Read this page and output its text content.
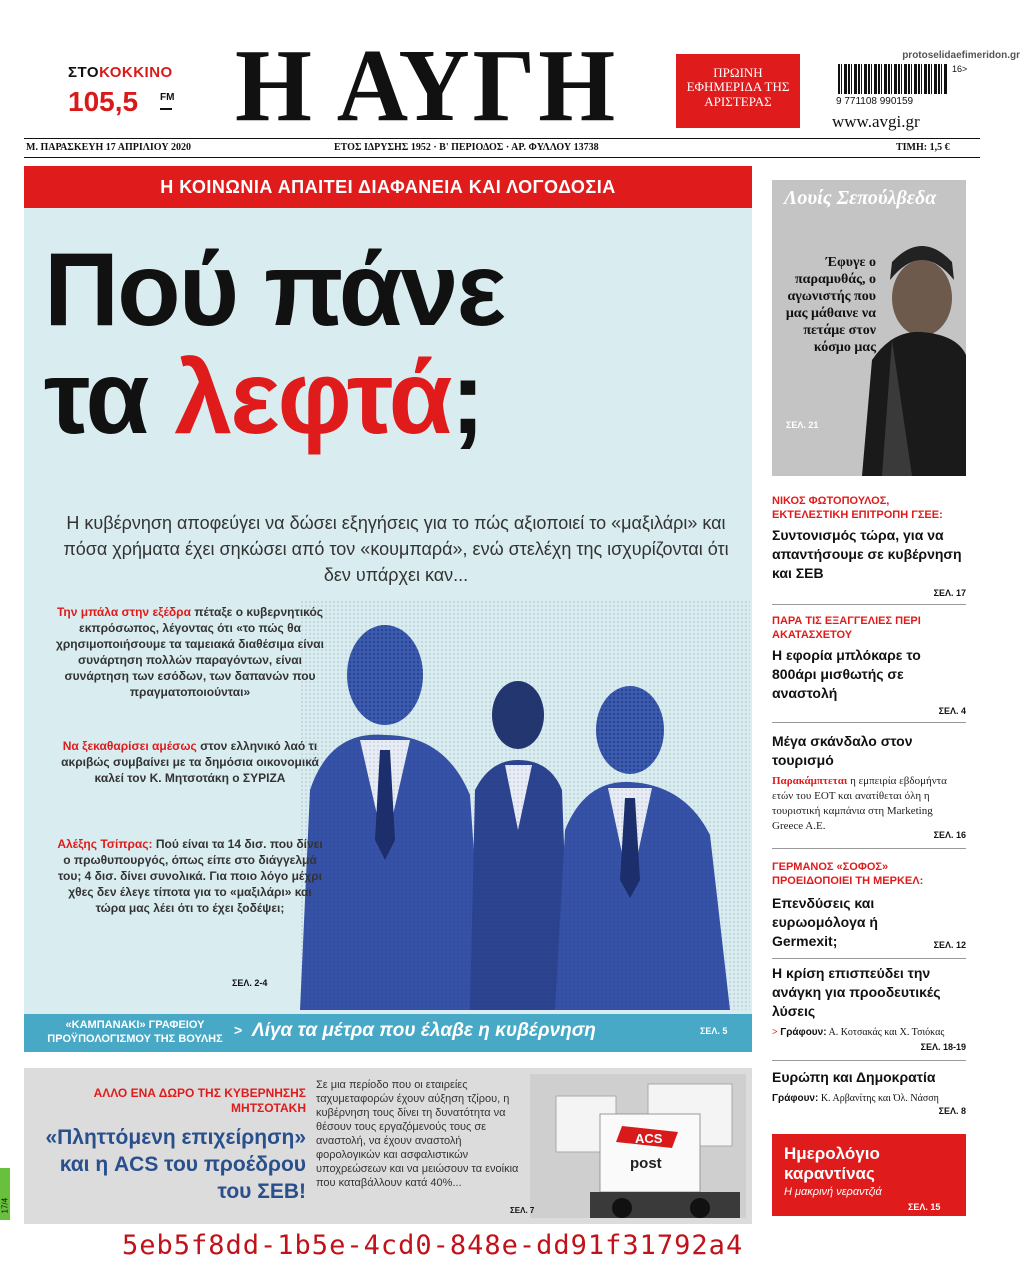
ΣΤΟΚΟΚΚΙΝΟ
105,5 FM Η ΑΥΓΗ	ΠΡΩΙΝΗ ΕΦΗΜΕΡΙΔΑ ΤΗΣ ΑΡΙΣΤΕΡΑΣ
protoselidaefimeridon.gr
16>
9 771108 990159
www.avgi.gr
Μ. ΠΑΡΑΣΚΕΥΗ 17 ΑΠΡΙΛΙΟΥ 2020	ΕΤΟΣ ΙΔΡΥΣΗΣ 1952 · Β' ΠΕΡΙΟΔΟΣ · ΑΡ. ΦΥΛΛΟΥ 13738	ΤΙΜΗ: 1,5 €
Η ΚΟΙΝΩΝΙΑ ΑΠΑΙΤΕΙ ΔΙΑΦΑΝΕΙΑ ΚΑΙ ΛΟΓΟΔΟΣΙΑ
Πού πάνε
τα λεφτά;
Η κυβέρνηση αποφεύγει να δώσει εξηγήσεις για το πώς αξιοποιεί το «μαξιλάρι» και πόσα χρήματα έχει σηκώσει από τον «κουμπαρά», ενώ στελέχη της ισχυρίζονται ότι δεν υπάρχει καν...
Την μπάλα στην εξέδρα πέταξε ο κυβερνητικός εκπρόσωπος, λέγοντας ότι «το πώς θα χρησιμοποιήσουμε τα ταμειακά διαθέσιμα είναι συνάρτηση πολλών παραγόντων, είναι συνάρτηση των εσόδων, των δαπανών που πραγματοποιούνται»
Να ξεκαθαρίσει αμέσως στον ελληνικό λαό τι ακριβώς συμβαίνει με τα δημόσια οικονομικά καλεί τον Κ. Μητσοτάκη ο ΣΥΡΙΖΑ
Αλέξης Τσίπρας: Πού είναι τα 14 δισ. που δίνει ο πρωθυπουργός, όπως είπε στο διάγγελμά του; 4 δισ. δίνει συνολικά. Για ποιο λόγο μέχρι χθες δεν έλεγε τίποτα για το «μαξιλάρι» και τώρα μας λέει ότι το έχει ξοδέψει;
ΣΕΛ. 2-4
«ΚΑΜΠΑΝΑΚΙ» ΓΡΑΦΕΙΟΥ ΠΡΟΫΠΟΛΟΓΙΣΜΟΥ ΤΗΣ ΒΟΥΛΗΣ
> Λίγα τα μέτρα που έλαβε η κυβέρνηση	ΣΕΛ. 5
ΑΛΛΟ ΕΝΑ ΔΩΡΟ ΤΗΣ ΚΥΒΕΡΝΗΣΗΣ ΜΗΤΣΟΤΑΚΗ
«Πληττόμενη επιχείρηση» και η ACS του προέδρου του ΣΕΒ!
Σε μια περίοδο που οι εταιρείες ταχυμεταφορών έχουν αύξηση τζίρου, η κυβέρνηση τους δίνει τη δυνατότητα να θέσουν τους εργαζόμενούς τους σε αναστολή, να έχουν αναστολή φορολογικών και ασφαλιστικών υποχρεώσεων και να μειώσουν τα ενοίκια που καταβάλλουν κατά 40%...
ACS
post
ΣΕΛ. 7
Λουίς Σεπούλβεδα
Έφυγε ο παραμυθάς, ο αγωνιστής που μας μάθαινε να πετάμε στον κόσμο μας
ΣΕΛ. 21
ΝΙΚΟΣ ΦΩΤΟΠΟΥΛΟΣ, ΕΚΤΕΛΕΣΤΙΚΗ ΕΠΙΤΡΟΠΗ ΓΣΕΕ:
Συντονισμός τώρα, για να απαντήσουμε σε κυβέρνηση και ΣΕΒ
ΣΕΛ. 17
ΠΑΡΑ ΤΙΣ ΕΞΑΓΓΕΛΙΕΣ ΠΕΡΙ ΑΚΑΤΑΣΧΕΤΟΥ
Η εφορία μπλόκαρε το 800άρι μισθωτής σε αναστολή
ΣΕΛ. 4
Μέγα σκάνδαλο στον τουρισμό
Παρακάμπτεται η εμπειρία εβδομήντα ετών του ΕΟΤ και ανατίθεται όλη η τουριστική καμπάνια στη Marketing Greece A.E.
ΣΕΛ. 16
ΓΕΡΜΑΝΟΣ «ΣΟΦΟΣ» ΠΡΟΕΙΔΟΠΟΙΕΙ ΤΗ ΜΕΡΚΕΛ:
Επενδύσεις και ευρωομόλογα ή Germexit;	ΣΕΛ. 12
Η κρίση επισπεύδει την ανάγκη για προοδευτικές λύσεις
> Γράφουν: Α. Κοτσακάς και Χ. Τσιόκας
ΣΕΛ. 18-19
Ευρώπη και Δημοκρατία
Γράφουν: Κ. Αρβανίτης και Όλ. Νάσση
ΣΕΛ. 8
Ημερολόγιο καραντίνας
Η μακρινή νεραντζιά
ΣΕΛ. 15
17/4
5eb5f8dd-1b5e-4cd0-848e-dd91f31792a4
